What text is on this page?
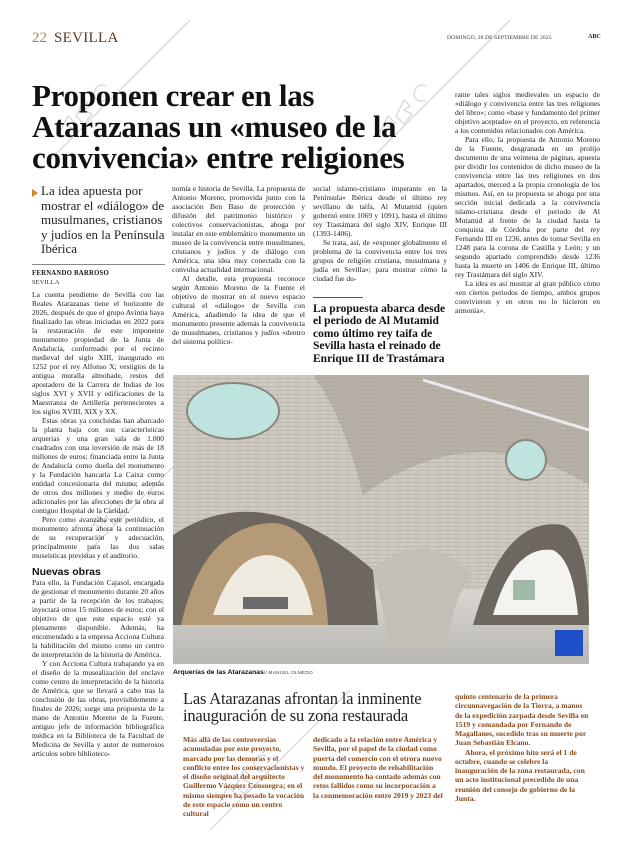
22 SEVILLA	DOMINGO, 28 DE SEPTIEMBRE DE 2025	ABC
Proponen crear en las Atarazanas un «museo de la convivencia» entre religiones
La idea apuesta por mostrar el «diálogo» de musulmanes, cristianos y judíos en la Península Ibérica
FERNANDO BARROSO
SEVILLA

La cuenta pendiente de Sevilla con las Reales Atarazanas tiene el horizonte de 2026, después de que el grupo Avintia haya finalizado las obras iniciadas en 2022 para la restauración de este imponente monumento propiedad de la Junta de Andalucía, conformado por el recinto medieval del siglo XIII, inaugurado en 1252 por el rey Alfonso X; vestigios de la antigua muralla almohade, restos del apostadero de la Carrera de Indias de los siglos XVI y XVII y edificaciones de la Maestranza de Artillería pertenecientes a los siglos XVIII, XIX y XX.

Estas obras ya concluidas han abarcado la planta baja con sus características arquerías y una gran sala de 1.000 cuadrados con una inversión de más de 18 millones de euros; financiada entre la Junta de Andalucía como dueña del monumento y la Fundación bancaria La Caixa como entidad concesionaria del mismo; además de otros dos millones y medio de euros adicionales por las afecciones de la obra al contiguo Hospital de la Caridad.

Pero como avanzaba este periódico, el monumento afronta ahora la continuación de su recuperación y adecuación, principalmente para las dos salas museísticas previstas y el auditorio.

Nuevas obras

Para ello, la Fundación Cajasol, encargada de gestionar el monumento durante 20 años a partir de la recepción de los trabajos; inyectará otros 15 millones de euros; con el objetivo de que este espacio esté ya plenamente disponible. Además, ha encomendado a la empresa Acciona Cultura la habilitación del mismo como un centro de interpretación de la historia de América.

Y con Acciona Cultura trabajando ya en el diseño de la musealización del enclave como centro de interpretación de la historia de América, que se llevará a cabo tras la conclusión de las obras, previsiblemente a finales de 2026; surge una propuesta de la mano de Antonio Moreno de la Fuente, antiguo jefe de información bibliográfica médica en la Biblioteca de la Facultad de Medicina de Sevilla y autor de numerosos artículos sobre biblioteco-

nomía e historia de Sevilla. La propuesta de Antonio Moreno, promovida junto con la asociación Ben Baso de protección y difusión del patrimonio histórico y colectivos conservacionistas, aboga por instalar en este emblemático monumento un museo de la convivencia entre musulmanes, cristianos y judíos y de diálogo con América, una idea muy conectada con la convulsa actualidad internacional.

Al detalle, esta propuesta reconoce según Antonio Moreno de la Fuente el objetivo de mostrar en el nuevo espacio cultural el «diálogo» de Sevilla con América, añadiendo la idea de que el monumento presente además la convivencia de musulmanes, cristianos y judíos «dentro del sistema político-

social islamo-cristiano imperante en la Península» Ibérica desde el último rey sevillano de taifa, Al Mutamid (quien gobernó entre 1069 y 1091), hasta el último rey Trastámara del siglo XIV, Enrique III (1393-1406).

Se trata, así, de «exponer globalmente el problema de la convivencia entre los tres grupos de religión cristiana, musulmana y judía en Sevilla»; para mostrar cómo la ciudad fue du-

La propuesta abarca desde el periodo de Al Mutamid como último rey taifa de Sevilla hasta el reinado de Enrique III de Trastámara

rante tales siglos medievales un espacio de «diálogo y convivencia entre las tres religiones del libro»; como «base y fundamento del primer objetivo aceptado» en el proyecto, en referencia a los contenidos relacionados con América.

Para ello, la propuesta de Antonio Moreno de la Fuente, desgranada en un prolijo documento de una veintena de páginas, apuesta por dividir los contenidos de dicho museo de la convivencia entre las tres religiones en dos apartados, merced a la propia cronología de los mismos. Así, en su propuesta se aboga por una sección inicial dedicada a la convivencia islamo-cristiana desde el periodo de Al Mutamid al frente de la ciudad hasta la conquista de Córdoba por parte del rey Fernando III en 1236, antes de tomar Sevilla en 1248 para la corona de Castilla y León; y un segundo apartado comprendido desde 1236 hasta la muerte en 1406 de Enrique III, último rey Trastámara del siglo XIV.

La idea es así mostrar al gran público cómo «en ciertos periodos de tiempo, ambos grupos convivieron y en otros no lo hicieron en armonía».

Arquerías de las Atarazanas// MANUEL OLMEDO
Las Atarazanas afrontan la inminente inauguración de su zona restaurada

Más allá de las controversias acumuladas por este proyecto, marcado por las demoras y el conflicto entre los conservacionistas y el diseño original del arquitecto Guillermo Vázquez Consuegra; en el mismo siempre ha pesado la vocación de este espacio como un centro cultural

dedicado a la relación entre América y Sevilla, por el papel de la ciudad como puerta del comercio con el otrora nuevo mundo. El proyecto de rehabilitación del monumento ha contado además con retos fallidos como su incorporación a la conmemoración entre 2019 y 2023 del

quinto centenario de la primera circunnavegación de la Tierra, a manos de la expedición zarpada desde Sevilla en 1519 y comandada por Fernando de Magallanes, sucedido tras su muerte por Juan Sebastián Elcano.

Ahora, el próximo hito será el 1 de octubre, cuando se celebre la inauguración de la zona restaurada, con un acto institucional precedido de una reunión del consejo de gobierno de la Junta.
